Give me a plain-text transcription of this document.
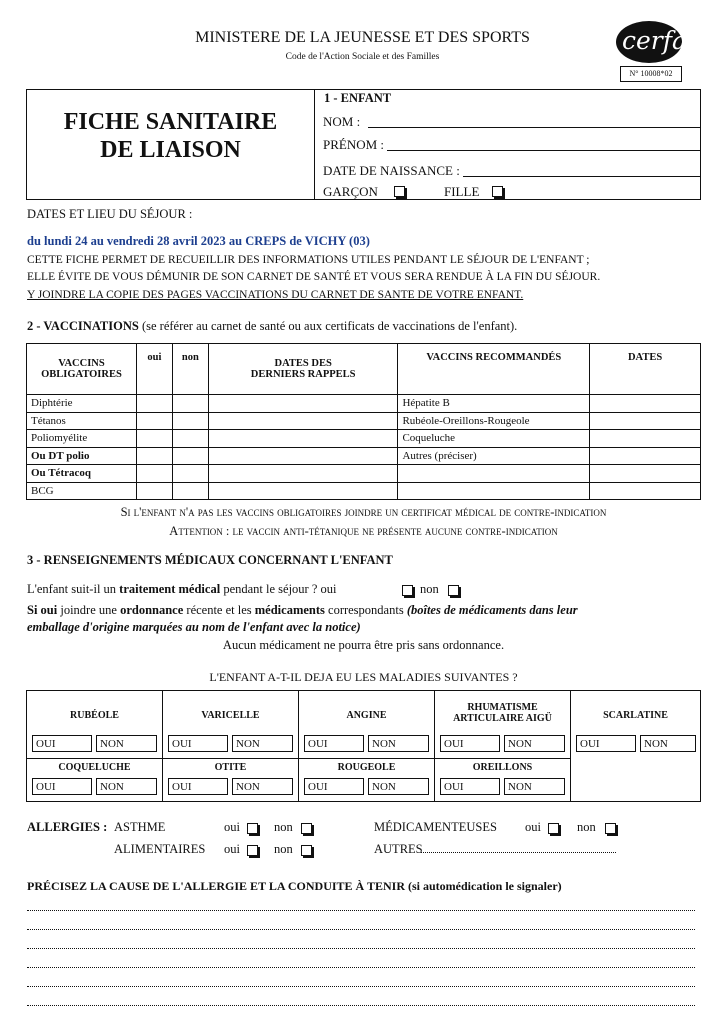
MINISTERE DE LA JEUNESSE ET DES SPORTS
Code de l'Action Sociale et des Familles
cerfa
N° 10008*02
FICHE SANITAIRE
DE LIAISON
1 - ENFANT
NOM :
PRÉNOM :
DATE DE NAISSANCE :
GARÇON	FILLE
DATES ET LIEU DU SÉJOUR :
du lundi 24 au vendredi 28 avril 2023 au CREPS de VICHY (03)
CETTE FICHE PERMET DE RECUEILLIR DES INFORMATIONS UTILES PENDANT LE SÉJOUR DE L'ENFANT ;
ELLE ÉVITE DE VOUS DÉMUNIR DE SON CARNET DE SANTÉ ET VOUS SERA RENDUE À LA FIN DU SÉJOUR.
Y JOINDRE LA COPIE DES PAGES VACCINATIONS DU CARNET DE SANTE DE VOTRE ENFANT.
2 - VACCINATIONS (se référer au carnet de santé ou aux certificats de vaccinations de l'enfant).
VACCINS
OBLIGATOIRES	oui	non	DATES DES
DERNIERS RAPPELS	VACCINS RECOMMANDÉS	DATES
Diphtérie				Hépatite B	
Tétanos				Rubéole-Oreillons-Rougeole	
Poliomyélite				Coqueluche	
Ou DT polio				Autres (préciser)	
Ou Tétracoq					
BCG					
Si l'enfant n'a pas les vaccins obligatoires joindre un certificat médical de contre-indication
Attention : le vaccin anti-tétanique ne présente aucune contre-indication
3 - RENSEIGNEMENTS MÉDICAUX CONCERNANT L'ENFANT
L'enfant suit-il un traitement médical pendant le séjour ? oui	non
Si oui joindre une ordonnance récente et les médicaments correspondants (boîtes de médicaments dans leur
emballage d'origine marquées au nom de l'enfant avec la notice)
Aucun médicament ne pourra être pris sans ordonnance.
L'ENFANT A-T-IL DEJA EU LES MALADIES SUIVANTES ?
RUBÉOLE
OUI	NON
VARICELLE
OUI	NON
ANGINE
OUI	NON
RHUMATISME
ARTICULAIRE AIGÜ
OUI	NON
SCARLATINE
OUI	NON
COQUELUCHE
OUI	NON
OTITE
OUI	NON
ROUGEOLE
OUI	NON
OREILLONS
OUI	NON
ALLERGIES : ASTHME	oui	non	MÉDICAMENTEUSES oui	non
ALIMENTAIRES oui	non	AUTRES
PRÉCISEZ LA CAUSE DE L'ALLERGIE ET LA CONDUITE À TENIR (si automédication le signaler)
